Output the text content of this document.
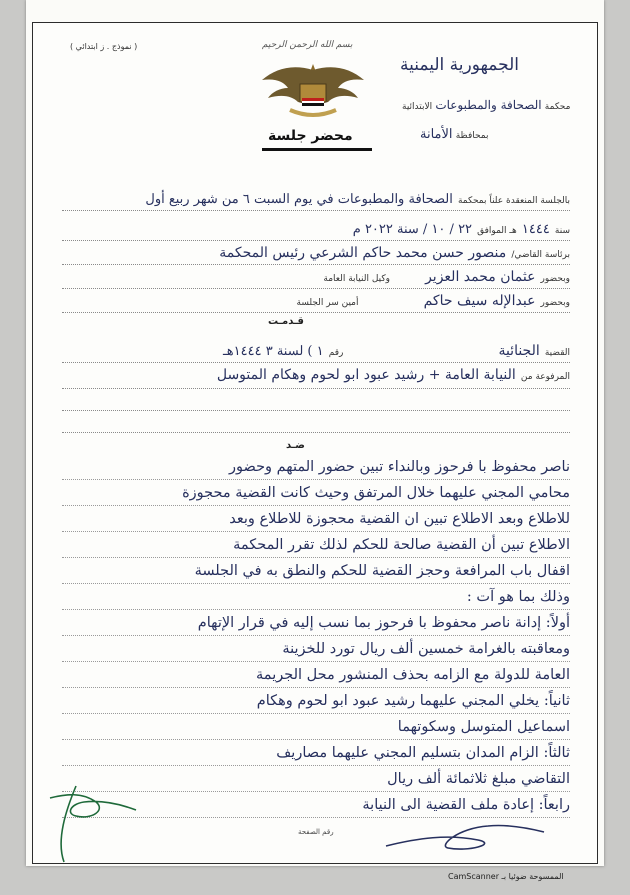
( نموذج . ز ابتدائي )	بسم الله الرحمن الرحيم
محضر جلسة
الجمهورية اليمنية
محكمة الصحافة والمطبوعات الابتدائية
بمحافظة الأمانة
بالجلسة المنعقدة علناً بمحكمة الصحافة والمطبوعات في يوم السبت ٦ من شهر ربيع أول
سنة ١٤٤٤ هـ الموافق ٢٢ / ١٠ / سنة ٢٠٢٢ م
برئاسة القاضي/ منصور حسن محمد حاكم الشرعي رئيس المحكمة
وبحضور عثمان محمد العزير وكيل النيابة العامة
وبحضور عبدالإله سيف حاكم أمين سر الجلسة
قـدمـت
القضية الجنائية رقم ١ ) لسنة ٣ ١٤٤٤هـ
المرفوعة من النيابة العامة + رشيد عبود ابو لحوم وهكام المتوسل
ضـد
ناصر محفوظ با فرحوز وبالنداء تبين حضور المتهم وحضور
محامي المجني عليهما خلال المرتفق وحيث كانت القضية محجوزة
للاطلاع وبعد الاطلاع تبين ان القضية محجوزة للاطلاع وبعد
الاطلاع تبين أن القضية صالحة للحكم لذلك تقرر المحكمة
اقفال باب المرافعة وحجز القضية للحكم والنطق به في الجلسة
وذلك بما هو آت :
أولاً: إدانة ناصر محفوظ با فرحوز بما نسب إليه في قرار الإتهام
ومعاقبته بالغرامة خمسين ألف ريال تورد للخزينة
العامة للدولة مع الزامه بحذف المنشور محل الجريمة
ثانياً: يخلي المجني عليهما رشيد عبود ابو لحوم وهكام
اسماعيل المتوسل وسكوتهما
ثالثاً: الزام المدان بتسليم المجني عليهما مصاريف
التقاضي مبلغ ثلاثمائة ألف ريال
رابعاً: إعادة ملف القضية الى النيابة
رقم الصفحة
الممسوحة ضوئيا بـ CamScanner
